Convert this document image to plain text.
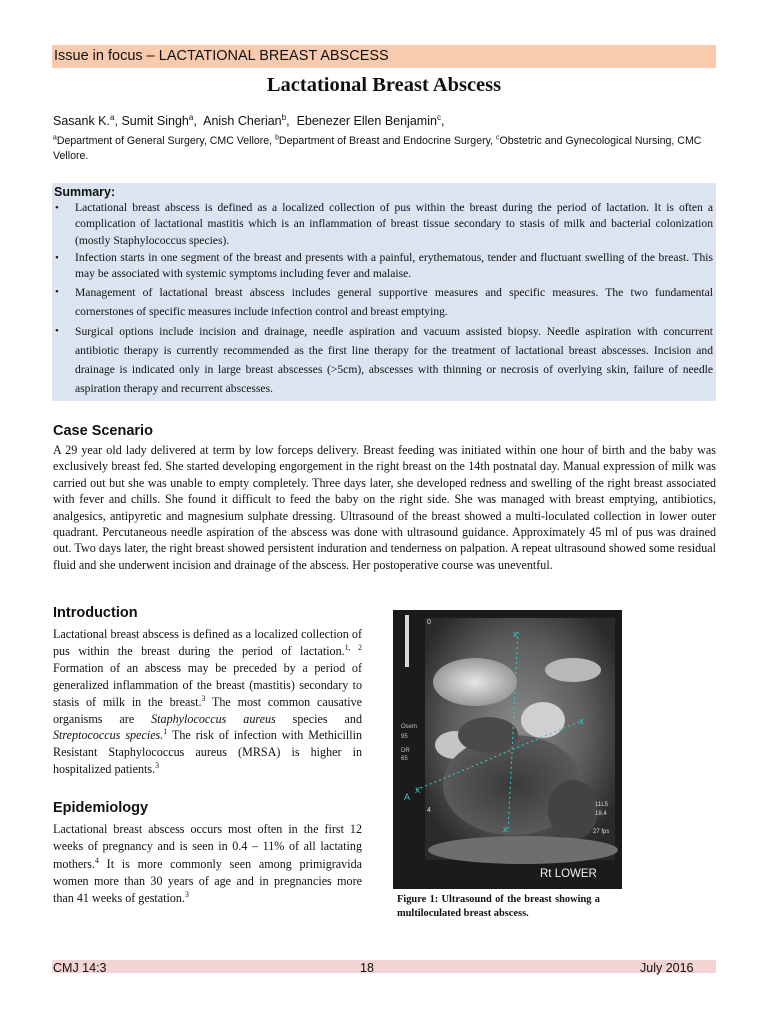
Issue in focus – LACTATIONAL BREAST ABSCESS
Lactational Breast Abscess
Sasank K.$^a$, Sumit Singh$^a$,  Anish Cherian$^b$,  Ebenezer Ellen Benjamin$^c$,
$^a$Department of General Surgery, CMC Vellore, $^b$Department of Breast and Endocrine Surgery, $^c$Obstetric and Gynecological Nursing, CMC Vellore.
Summary:
• Lactational breast abscess is defined as a localized collection of pus within the breast during the period of lactation. It is often a complication of lactational mastitis which is an inflammation of breast tissue secondary to stasis of milk and bacterial colonization (mostly Staphylococcus species).
• Infection starts in one segment of the breast and presents with a painful, erythematous, tender and fluctuant swelling of the breast. This may be associated with systemic symptoms including fever and malaise.
• Management of lactational breast abscess includes general supportive measures and specific measures. The two fundamental cornerstones of specific measures include infection control and breast emptying.
• Surgical options include incision and drainage, needle aspiration and vacuum assisted biopsy. Needle aspiration with concurrent antibiotic therapy is currently recommended as the first line therapy for the treatment of lactational breast abscesses. Incision and drainage is indicated only in large breast abscesses (>5cm), abscesses with thinning or necrosis of overlying skin, failure of needle aspiration therapy and recurrent abscesses.
Case Scenario

A 29 year old lady delivered at term by low forceps delivery. Breast feeding was initiated within one hour of birth and the baby was exclusively breast fed. She started developing engorgement in the right breast on the 14th postnatal day. Manual expression of milk was carried out but she was unable to empty completely. Three days later, she developed redness and swelling of the right breast associated with fever and chills. She found it difficult to feed the baby on the right side. She was managed with breast emptying, antibiotics, analgesics, antipyretic and magnesium sulphate dressing. Ultrasound of the breast showed a multi-loculated collection in lower outer quadrant. Percutaneous needle aspiration of the abscess was done with ultrasound guidance. Approximately 45 ml of pus was drained out. Two days later, the right breast showed persistent induration and tenderness on palpation. A repeat ultrasound showed some residual fluid and she underwent incision and drainage of the abscess. Her postoperative course was uneventful.

Introduction

Lactational breast abscess is defined as a localized collection of pus within the breast during the period of lactation.$^{1, 2}$ Formation of an abscess may be preceded by a period of generalized inflammation of the breast (mastitis) secondary to stasis of milk in the breast.$^3$ The most common causative organisms are Staphylococcus aureus species and Streptococcus species.$^1$ The risk of infection with Methicillin Resistant Staphylococcus aureus (MRSA) is higher in hospitalized patients.$^3$

Epidemiology

Lactational breast abscess occurs most often in the first 12 weeks of pregnancy and is seen in 0.4 – 11% of all lactating mothers.$^4$ It is more commonly seen among primigravida women more than 30 years of age and in pregnancies more than 41 weeks of gestation.$^3$

x
x
x
0
Osem
95
DR
65
A
X
4
11L5
18.4
27 fps
Rt LOWER

Figure 1: Ultrasound of the breast showing a multiloculated breast abscess.

CMJ 14:3	18	July 2016
